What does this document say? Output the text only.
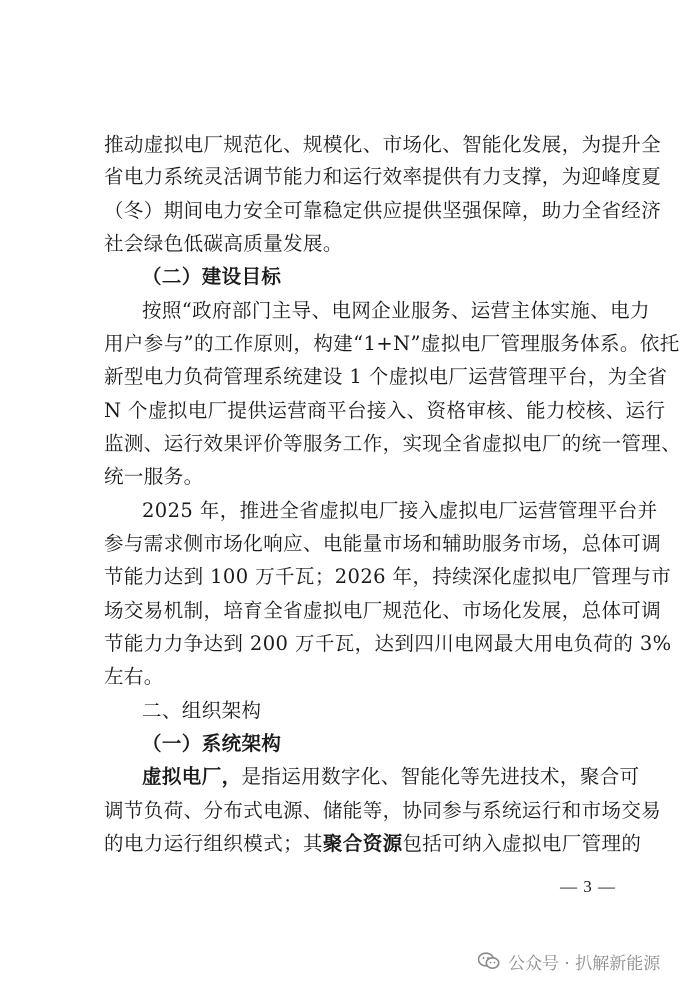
推动虚拟电厂规范化、规模化、市场化、智能化发展，为提升全
省电力系统灵活调节能力和运行效率提供有力支撑，为迎峰度夏
（冬）期间电力安全可靠稳定供应提供坚强保障，助力全省经济
社会绿色低碳高质量发展。
（二）建设目标
按照“政府部门主导、电网企业服务、运营主体实施、电力
用户参与”的工作原则，构建“1+N”虚拟电厂管理服务体系。依托
新型电力负荷管理系统建设 1 个虚拟电厂运营管理平台，为全省
N 个虚拟电厂提供运营商平台接入、资格审核、能力校核、运行
监测、运行效果评价等服务工作，实现全省虚拟电厂的统一管理、
统一服务。
2025 年，推进全省虚拟电厂接入虚拟电厂运营管理平台并
参与需求侧市场化响应、电能量市场和辅助服务市场，总体可调
节能力达到 100 万千瓦；2026 年，持续深化虚拟电厂管理与市
场交易机制，培育全省虚拟电厂规范化、市场化发展，总体可调
节能力力争达到 200 万千瓦，达到四川电网最大用电负荷的 3%
左右。
二、组织架构
（一）系统架构
虚拟电厂，是指运用数字化、智能化等先进技术，聚合可
调节负荷、分布式电源、储能等，协同参与系统运行和市场交易
的电力运行组织模式；其聚合资源包括可纳入虚拟电厂管理的
— 3 —
公众号 · 扒解新能源
